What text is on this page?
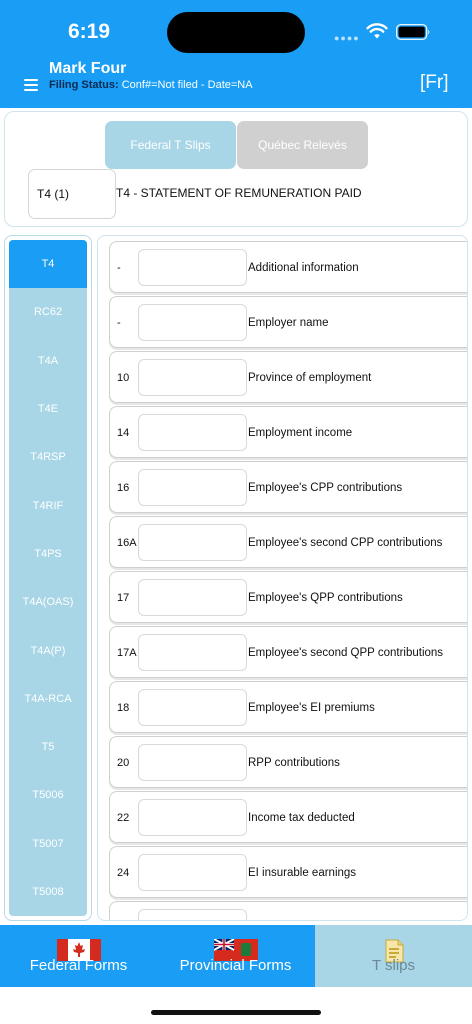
6:19	●●●●
Mark Four
Filing Status: Conf#=Not filed - Date=NA	[Fr]
Federal T Slips	Québec Relevés
T4 (1)	T4 - STATEMENT OF REMUNERATION PAID
T4
RC62
T4A
T4E
T4RSP
T4RIF
T4PS
T4A(OAS)
T4A(P)
T4A-RCA
T5
T5006
T5007
T5008
-	Additional information
-	Employer name
10	Province of employment
14	Employment income
16	Employee's CPP contributions
16A	Employee's second CPP contributions
17	Employee's QPP contributions
17A	Employee's second QPP contributions
18	Employee's EI premiums
20	RPP contributions
22	Income tax deducted
24	EI insurable earnings
Federal Forms	Provincial Forms	T slips
